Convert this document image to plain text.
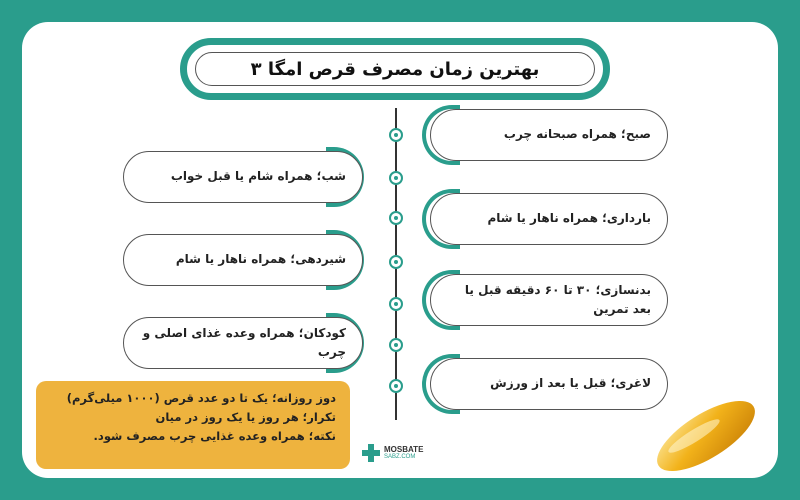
بهترین زمان مصرف قرص امگا ۳
صبح؛ همراه صبحانه چرب
بارداری؛ همراه ناهار یا شام
بدنسازی؛ ۳۰ تا ۶۰ دقیقه قبل یا بعد تمرین
لاغری؛ قبل یا بعد از ورزش
شب؛ همراه شام یا قبل خواب
شیردهی؛ همراه ناهار یا شام
کودکان؛ همراه وعده غذای اصلی و چرب
دوز روزانه؛ یک تا دو عدد قرص (۱۰۰۰ میلی‌گرم)
تکرار؛ هر روز یا یک روز در میان
نکته؛ همراه وعده غذایی چرب مصرف شود.
MOSBATE
SABZ.COM
